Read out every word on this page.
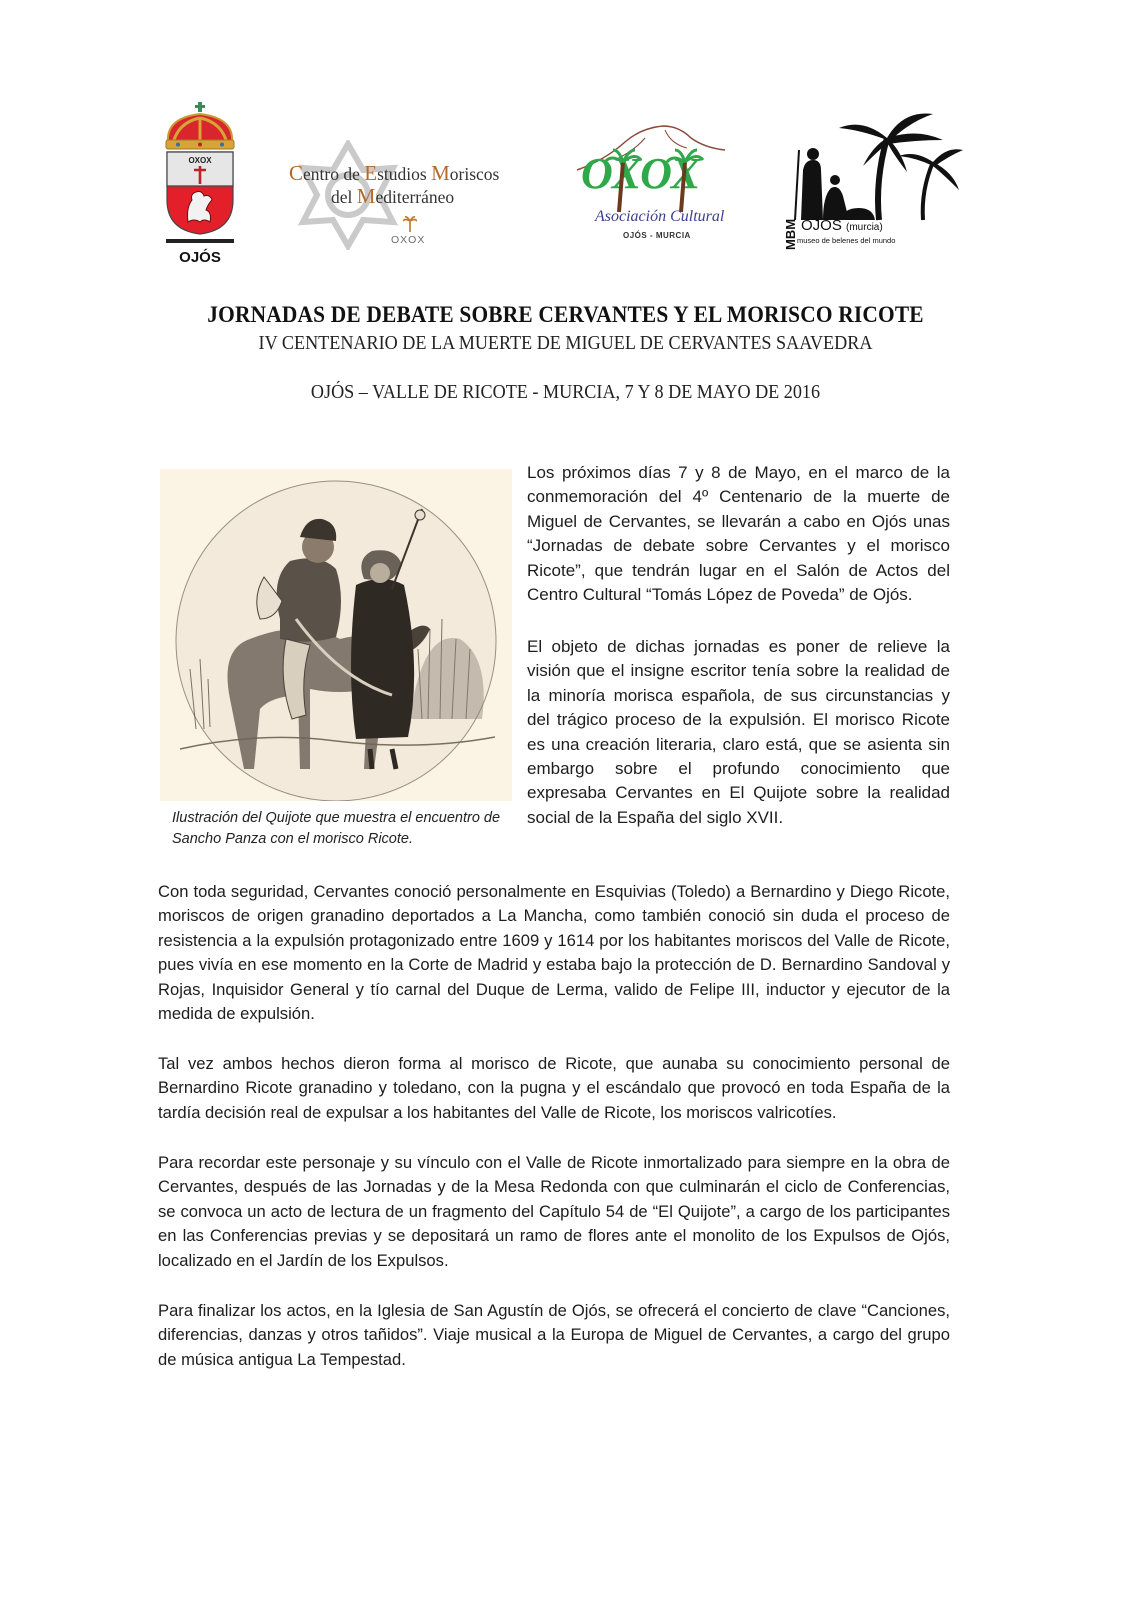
OXOX
OJÓS
Centro de Estudios Moriscos
del Mediterráneo
OXOX
OXOX
Asociación Cultural
OJÓS - MURCIA	MBM OJÓS (murcia)
museo de belenes del mundo
JORNADAS DE DEBATE SOBRE CERVANTES Y EL MORISCO RICOTE
IV CENTENARIO DE LA MUERTE DE MIGUEL DE CERVANTES SAAVEDRA
OJÓS – VALLE DE RICOTE - MURCIA, 7 Y 8 DE MAYO DE 2016
Ilustración del Quijote que muestra el encuentro de Sancho Panza con el morisco Ricote.

Los próximos días 7 y 8 de Mayo, en el marco de la conmemoración del 4º Centenario de la muerte de Miguel de Cervantes, se llevarán a cabo en Ojós unas “Jornadas de debate sobre Cervantes y el morisco Ricote”, que tendrán lugar en el Salón de Actos del Centro Cultural “Tomás López de Poveda” de Ojós.

El objeto de dichas jornadas es poner de relieve la visión que el insigne escritor tenía sobre la realidad de la minoría morisca española, de sus circunstancias y del trágico proceso de la expulsión. El morisco Ricote es una creación literaria, claro está, que se asienta sin embargo sobre el profundo conocimiento que expresaba Cervantes en El Quijote sobre la realidad social de la España del siglo XVII.

Con toda seguridad, Cervantes conoció personalmente en Esquivias (Toledo) a Bernardino y Diego Ricote, moriscos de origen granadino deportados a La Mancha, como también conoció sin duda el proceso de resistencia a la expulsión protagonizado entre 1609 y 1614 por los habitantes moriscos del Valle de Ricote, pues vivía en ese momento en la Corte de Madrid y estaba bajo la protección de D. Bernardino Sandoval y Rojas, Inquisidor General y tío carnal del Duque de Lerma, valido de Felipe III, inductor y ejecutor de la medida de expulsión.

Tal vez ambos hechos dieron forma al morisco de Ricote, que aunaba su conocimiento personal de Bernardino Ricote granadino y toledano, con la pugna y el escándalo que provocó en toda España de la tardía decisión real de expulsar a los habitantes del Valle de Ricote, los moriscos valricotíes.

Para recordar este personaje y su vínculo con el Valle de Ricote inmortalizado para siempre en la obra de Cervantes, después de las Jornadas y de la Mesa Redonda con que culminarán el ciclo de Conferencias, se convoca un acto de lectura de un fragmento del Capítulo 54 de “El Quijote”, a cargo de los participantes en las Conferencias previas y se depositará un ramo de flores ante el monolito de los Expulsos de Ojós, localizado en el Jardín de los Expulsos.

Para finalizar los actos, en la Iglesia de San Agustín de Ojós, se ofrecerá el concierto de clave “Canciones, diferencias, danzas y otros tañidos”. Viaje musical a la Europa de Miguel de Cervantes, a cargo del grupo de música antigua La Tempestad.
